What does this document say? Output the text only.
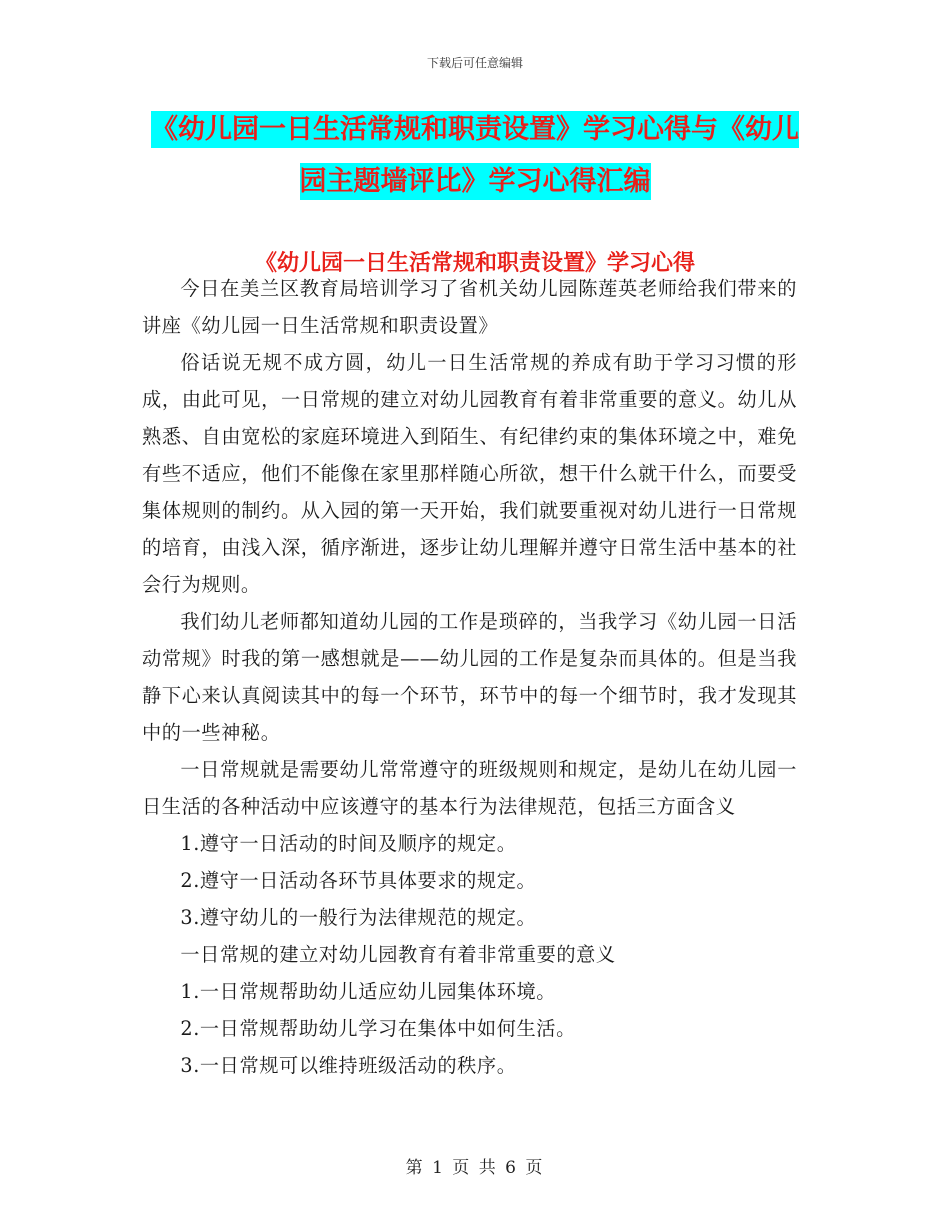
下载后可任意编辑
《幼儿园一日生活常规和职责设置》学习心得与《幼儿园主题墙评比》学习心得汇编
《幼儿园一日生活常规和职责设置》学习心得

今日在美兰区教育局培训学习了省机关幼儿园陈莲英老师给我们带来的讲座《幼儿园一日生活常规和职责设置》

俗话说无规不成方圆，幼儿一日生活常规的养成有助于学习习惯的形成，由此可见，一日常规的建立对幼儿园教育有着非常重要的意义。幼儿从熟悉、自由宽松的家庭环境进入到陌生、有纪律约束的集体环境之中，难免有些不适应，他们不能像在家里那样随心所欲，想干什么就干什么，而要受集体规则的制约。从入园的第一天开始，我们就要重视对幼儿进行一日常规的培育，由浅入深，循序渐进，逐步让幼儿理解并遵守日常生活中基本的社会行为规则。

我们幼儿老师都知道幼儿园的工作是琐碎的，当我学习《幼儿园一日活动常规》时我的第一感想就是——幼儿园的工作是复杂而具体的。但是当我静下心来认真阅读其中的每一个环节，环节中的每一个细节时，我才发现其中的一些神秘。

一日常规就是需要幼儿常常遵守的班级规则和规定，是幼儿在幼儿园一日生活的各种活动中应该遵守的基本行为法律规范，包括三方面含义

1.遵守一日活动的时间及顺序的规定。

2.遵守一日活动各环节具体要求的规定。

3.遵守幼儿的一般行为法律规范的规定。

一日常规的建立对幼儿园教育有着非常重要的意义

1.一日常规帮助幼儿适应幼儿园集体环境。

2.一日常规帮助幼儿学习在集体中如何生活。

3.一日常规可以维持班级活动的秩序。

第 1 页 共 6 页
